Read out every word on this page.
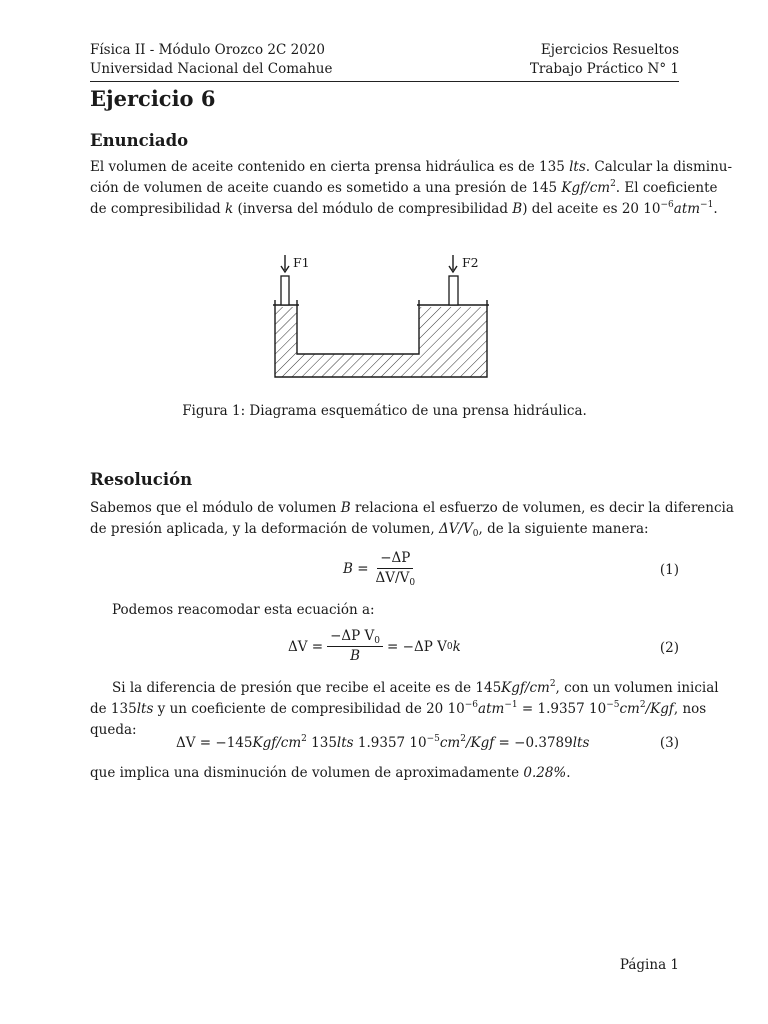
Física II - Módulo Orozco 2C 2020	Ejercicios Resueltos
Universidad Nacional del Comahue	Trabajo Práctico N° 1
Ejercicio 6
Enunciado
El volumen de aceite contenido en cierta prensa hidráulica es de 135 lts. Calcular la disminu-
ción de volumen de aceite cuando es sometido a una presión de 145 Kgf/$cm^2$. El coeficiente
de compresibilidad k (inversa del módulo de compresibilidad B) del aceite es 20 $10^{-6}atm^{-1}$.
F1	F2
Figura 1: Diagrama esquemático de una prensa hidráulica.
Resolución
Sabemos que el módulo de volumen B relaciona el esfuerzo de volumen, es decir la diferencia
de presión aplicada, y la deformación de volumen, $\Delta V/V_0$, de la siguiente manera:
$B = \frac{-\Delta P}{\Delta V/V_0}$	(1)
Podemos reacomodar esta ecuación a:
$\Delta V = \frac{-\Delta P V_0}{B} = -\Delta P$ V 0 k	(2)
Si la diferencia de presión que recibe el aceite es de $145Kgf/cm^2$, con un volumen inicial
de 135lts y un coeficiente de compresibilidad de 20 $10^{-6}atm^{-1} = 1.9357$ $10^{-5}cm^2$/Kgf, nos
queda:
$\Delta V = -145Kgf/cm^2$ 135lts 1.9357 $10^{-5}cm^2$/Kgf = −0.3789lts	(3)
que implica una disminución de volumen de aproximadamente 0.28%.
Página 1
